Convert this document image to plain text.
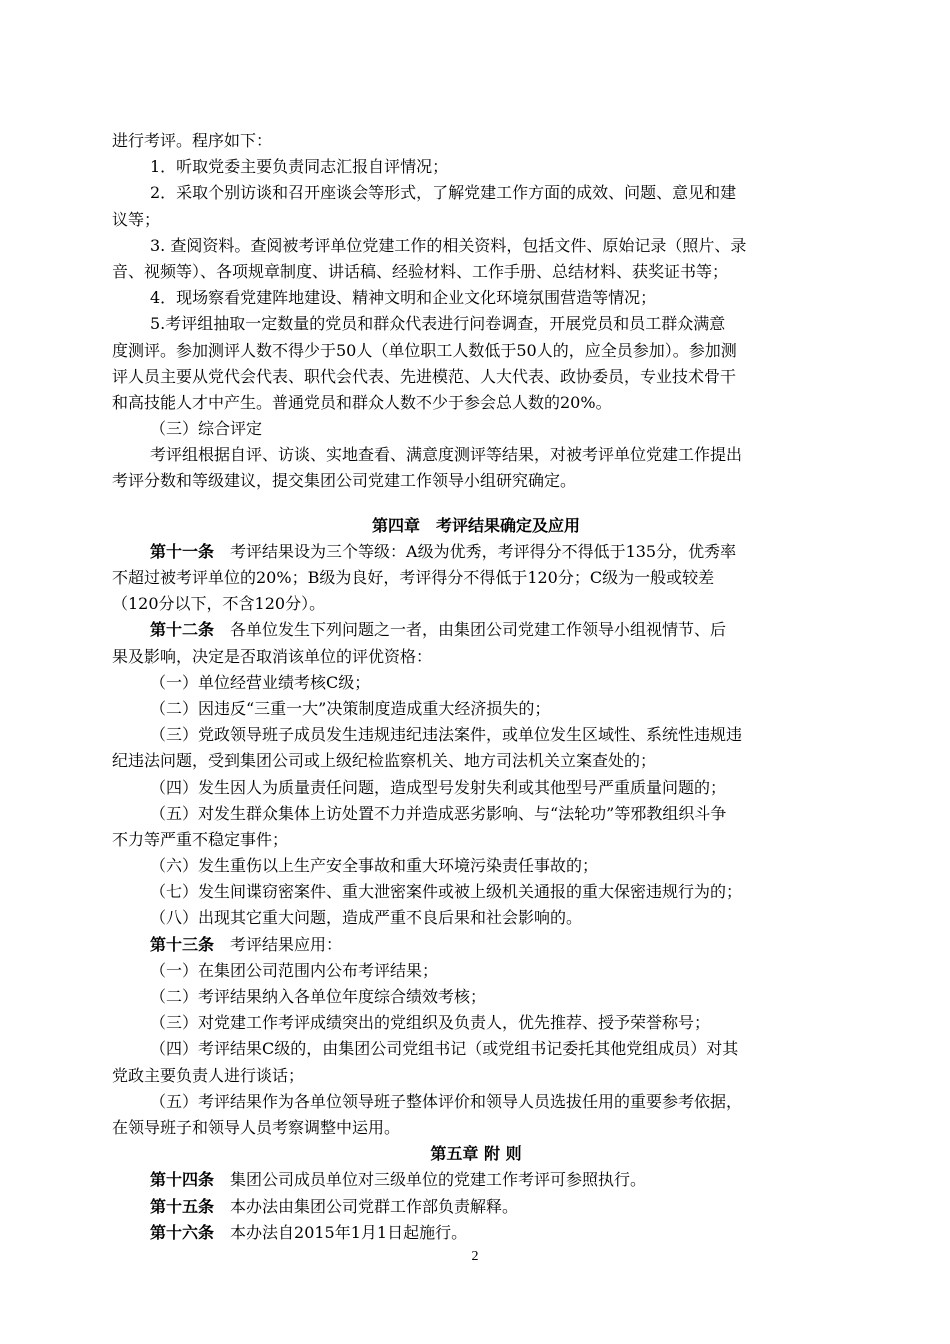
进行考评。程序如下：
1．听取党委主要负责同志汇报自评情况；
2．采取个别访谈和召开座谈会等形式，了解党建工作方面的成效、问题、意见和建
议等；
3. 查阅资料。查阅被考评单位党建工作的相关资料，包括文件、原始记录（照片、录
音、视频等）、各项规章制度、讲话稿、经验材料、工作手册、总结材料、获奖证书等；
4．现场察看党建阵地建设、精神文明和企业文化环境氛围营造等情况；
5.考评组抽取一定数量的党员和群众代表进行问卷调查，开展党员和员工群众满意
度测评。参加测评人数不得少于50人（单位职工人数低于50人的，应全员参加）。参加测
评人员主要从党代会代表、职代会代表、先进模范、人大代表、政协委员，专业技术骨干
和高技能人才中产生。普通党员和群众人数不少于参会总人数的20%。
（三）综合评定
考评组根据自评、访谈、实地查看、满意度测评等结果，对被考评单位党建工作提出
考评分数和等级建议，提交集团公司党建工作领导小组研究确定。
第四章　考评结果确定及应用
第十一条　考评结果设为三个等级：A级为优秀，考评得分不得低于135分，优秀率
不超过被考评单位的20%；B级为良好，考评得分不得低于120分；C级为一般或较差
（120分以下，不含120分）。
第十二条　各单位发生下列问题之一者，由集团公司党建工作领导小组视情节、后
果及影响，决定是否取消该单位的评优资格：
（一）单位经营业绩考核C级；
（二）因违反“三重一大”决策制度造成重大经济损失的；
（三）党政领导班子成员发生违规违纪违法案件，或单位发生区域性、系统性违规违
纪违法问题，受到集团公司或上级纪检监察机关、地方司法机关立案查处的；
（四）发生因人为质量责任问题，造成型号发射失利或其他型号严重质量问题的；
（五）对发生群众集体上访处置不力并造成恶劣影响、与“法轮功”等邪教组织斗争
不力等严重不稳定事件；
（六）发生重伤以上生产安全事故和重大环境污染责任事故的；
（七）发生间谍窃密案件、重大泄密案件或被上级机关通报的重大保密违规行为的；
（八）出现其它重大问题，造成严重不良后果和社会影响的。
第十三条　考评结果应用：
（一）在集团公司范围内公布考评结果；
（二）考评结果纳入各单位年度综合绩效考核；
（三）对党建工作考评成绩突出的党组织及负责人，优先推荐、授予荣誉称号；
（四）考评结果C级的，由集团公司党组书记（或党组书记委托其他党组成员）对其
党政主要负责人进行谈话；
（五）考评结果作为各单位领导班子整体评价和领导人员选拔任用的重要参考依据，
在领导班子和领导人员考察调整中运用。
第五章 附 则
第十四条　集团公司成员单位对三级单位的党建工作考评可参照执行。
第十五条　本办法由集团公司党群工作部负责解释。
第十六条　本办法自2015年1月1日起施行。
2
